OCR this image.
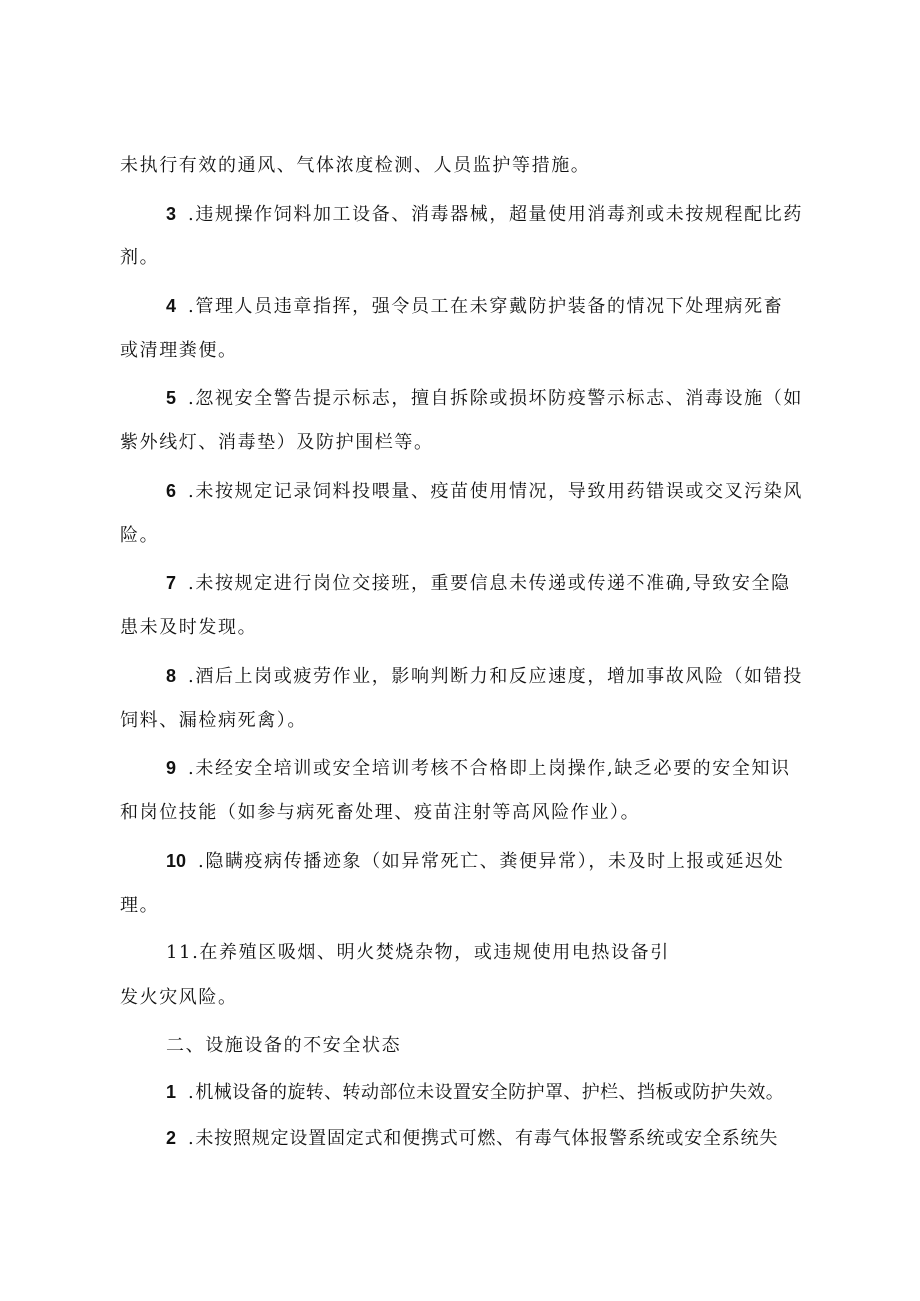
未执行有效的通风、气体浓度检测、人员监护等措施。
3 .违规操作饲料加工设备、消毒器械，超量使用消毒剂或未按规程配比药
剂。
4 .管理人员违章指挥，强令员工在未穿戴防护装备的情况下处理病死畜
或清理粪便。
5 .忽视安全警告提示标志，擅自拆除或损坏防疫警示标志、消毒设施（如
紫外线灯、消毒垫）及防护围栏等。
6 .未按规定记录饲料投喂量、疫苗使用情况，导致用药错误或交叉污染风
险。
7 .未按规定进行岗位交接班，重要信息未传递或传递不准确,导致安全隐
患未及时发现。
8 .酒后上岗或疲劳作业，影响判断力和反应速度，增加事故风险（如错投
饲料、漏检病死禽）。
9 .未经安全培训或安全培训考核不合格即上岗操作,缺乏必要的安全知识
和岗位技能（如参与病死畜处理、疫苗注射等高风险作业）。
10 .隐瞒疫病传播迹象（如异常死亡、粪便异常），未及时上报或延迟处
理。
11.在养殖区吸烟、明火焚烧杂物，或违规使用电热设备引
发火灾风险。
二、设施设备的不安全状态
1 .机械设备的旋转、转动部位未设置安全防护罩、护栏、挡板或防护失效。
2 .未按照规定设置固定式和便携式可燃、有毒气体报警系统或安全系统失
